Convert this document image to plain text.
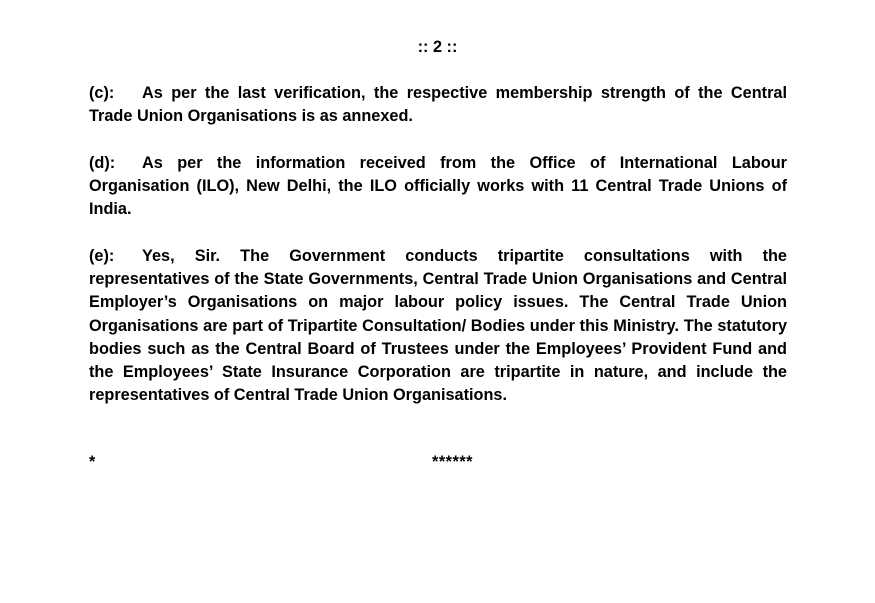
:: 2 ::

(c): As per the last verification, the respective membership strength of the Central Trade Union Organisations is as annexed.

(d): As per the information received from the Office of International Labour Organisation (ILO), New Delhi, the ILO officially works with 11 Central Trade Unions of India.

(e): Yes, Sir. The Government conducts tripartite consultations with the representatives of the State Governments, Central Trade Union Organisations and Central Employer’s Organisations on major labour policy issues. The Central Trade Union Organisations are part of Tripartite Consultation/ Bodies under this Ministry. The statutory bodies such as the Central Board of Trustees under the Employees’ Provident Fund and the Employees’ State Insurance Corporation are tripartite in nature, and include the representatives of Central Trade Union Organisations.

*	******
